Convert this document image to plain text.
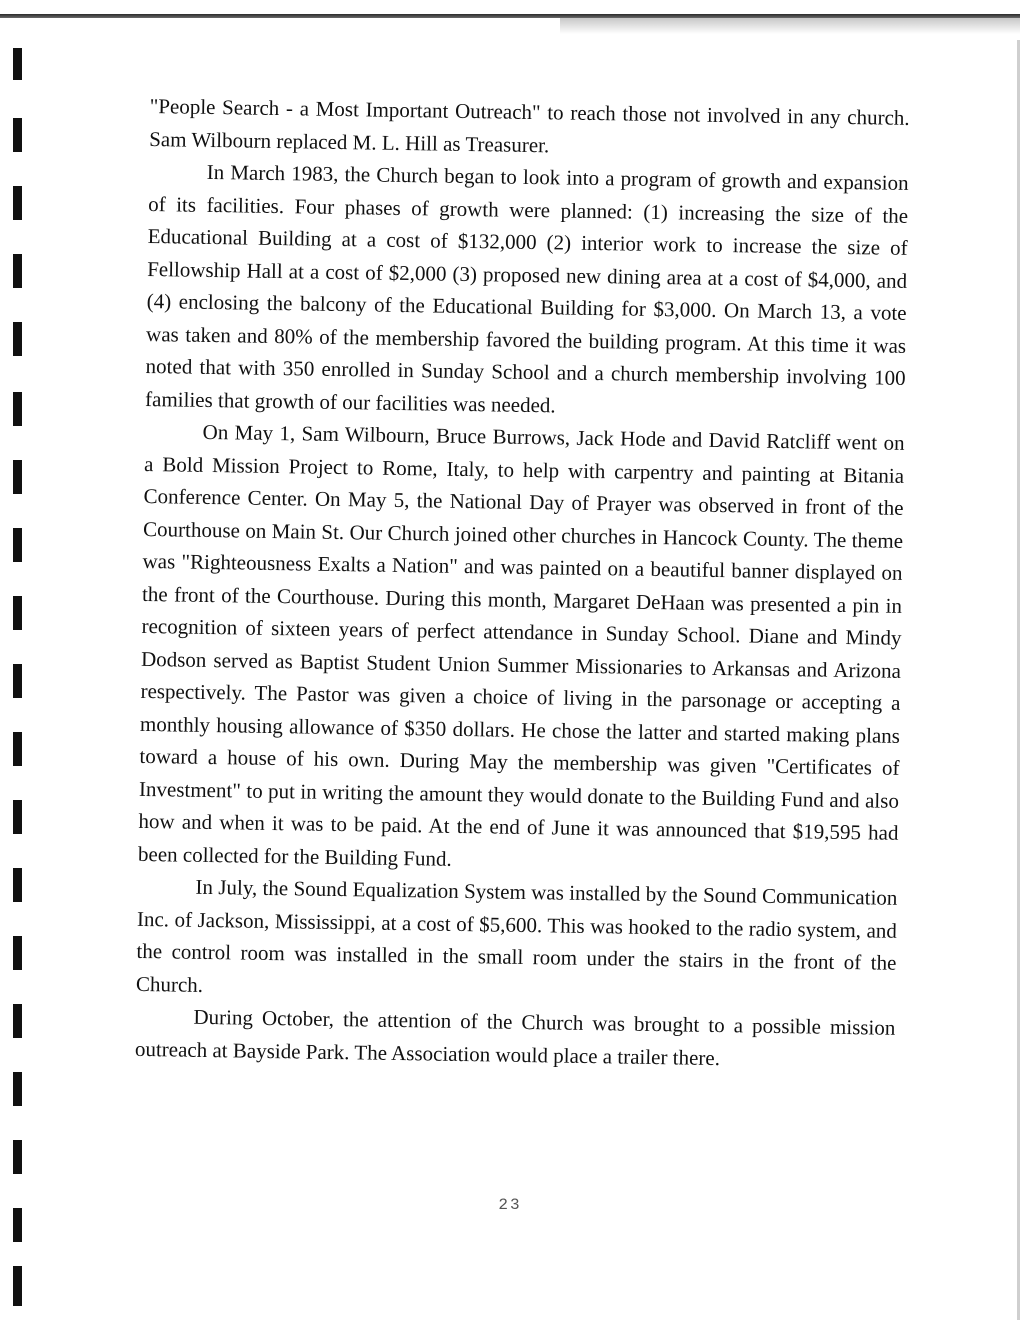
"People Search - a Most Important Outreach" to reach those not involved in any church. Sam Wilbourn replaced M. L. Hill as Treasurer.

In March 1983, the Church began to look into a program of growth and expansion of its facilities. Four phases of growth were planned: (1) increasing the size of the Educational Building at a cost of $132,000 (2) interior work to increase the size of Fellowship Hall at a cost of $2,000 (3) proposed new dining area at a cost of $4,000, and (4) enclosing the balcony of the Educational Building for $3,000. On March 13, a vote was taken and 80% of the membership favored the building program. At this time it was noted that with 350 enrolled in Sunday School and a church membership involving 100 families that growth of our facilities was needed.

On May 1, Sam Wilbourn, Bruce Burrows, Jack Hode and David Ratcliff went on a Bold Mission Project to Rome, Italy, to help with carpentry and painting at Bitania Conference Center. On May 5, the National Day of Prayer was observed in front of the Courthouse on Main St. Our Church joined other churches in Hancock County. The theme was "Righteousness Exalts a Nation" and was painted on a beautiful banner displayed on the front of the Courthouse. During this month, Margaret DeHaan was presented a pin in recognition of sixteen years of perfect attendance in Sunday School. Diane and Mindy Dodson served as Baptist Student Union Summer Missionaries to Arkansas and Arizona respectively. The Pastor was given a choice of living in the parsonage or accepting a monthly housing allowance of $350 dollars. He chose the latter and started making plans toward a house of his own. During May the membership was given "Certificates of Investment" to put in writing the amount they would donate to the Building Fund and also how and when it was to be paid. At the end of June it was announced that $19,595 had been collected for the Building Fund.

In July, the Sound Equalization System was installed by the Sound Communication Inc. of Jackson, Mississippi, at a cost of $5,600. This was hooked to the radio system, and the control room was installed in the small room under the stairs in the front of the Church.

During October, the attention of the Church was brought to a possible mission outreach at Bayside Park. The Association would place a trailer there.

23
